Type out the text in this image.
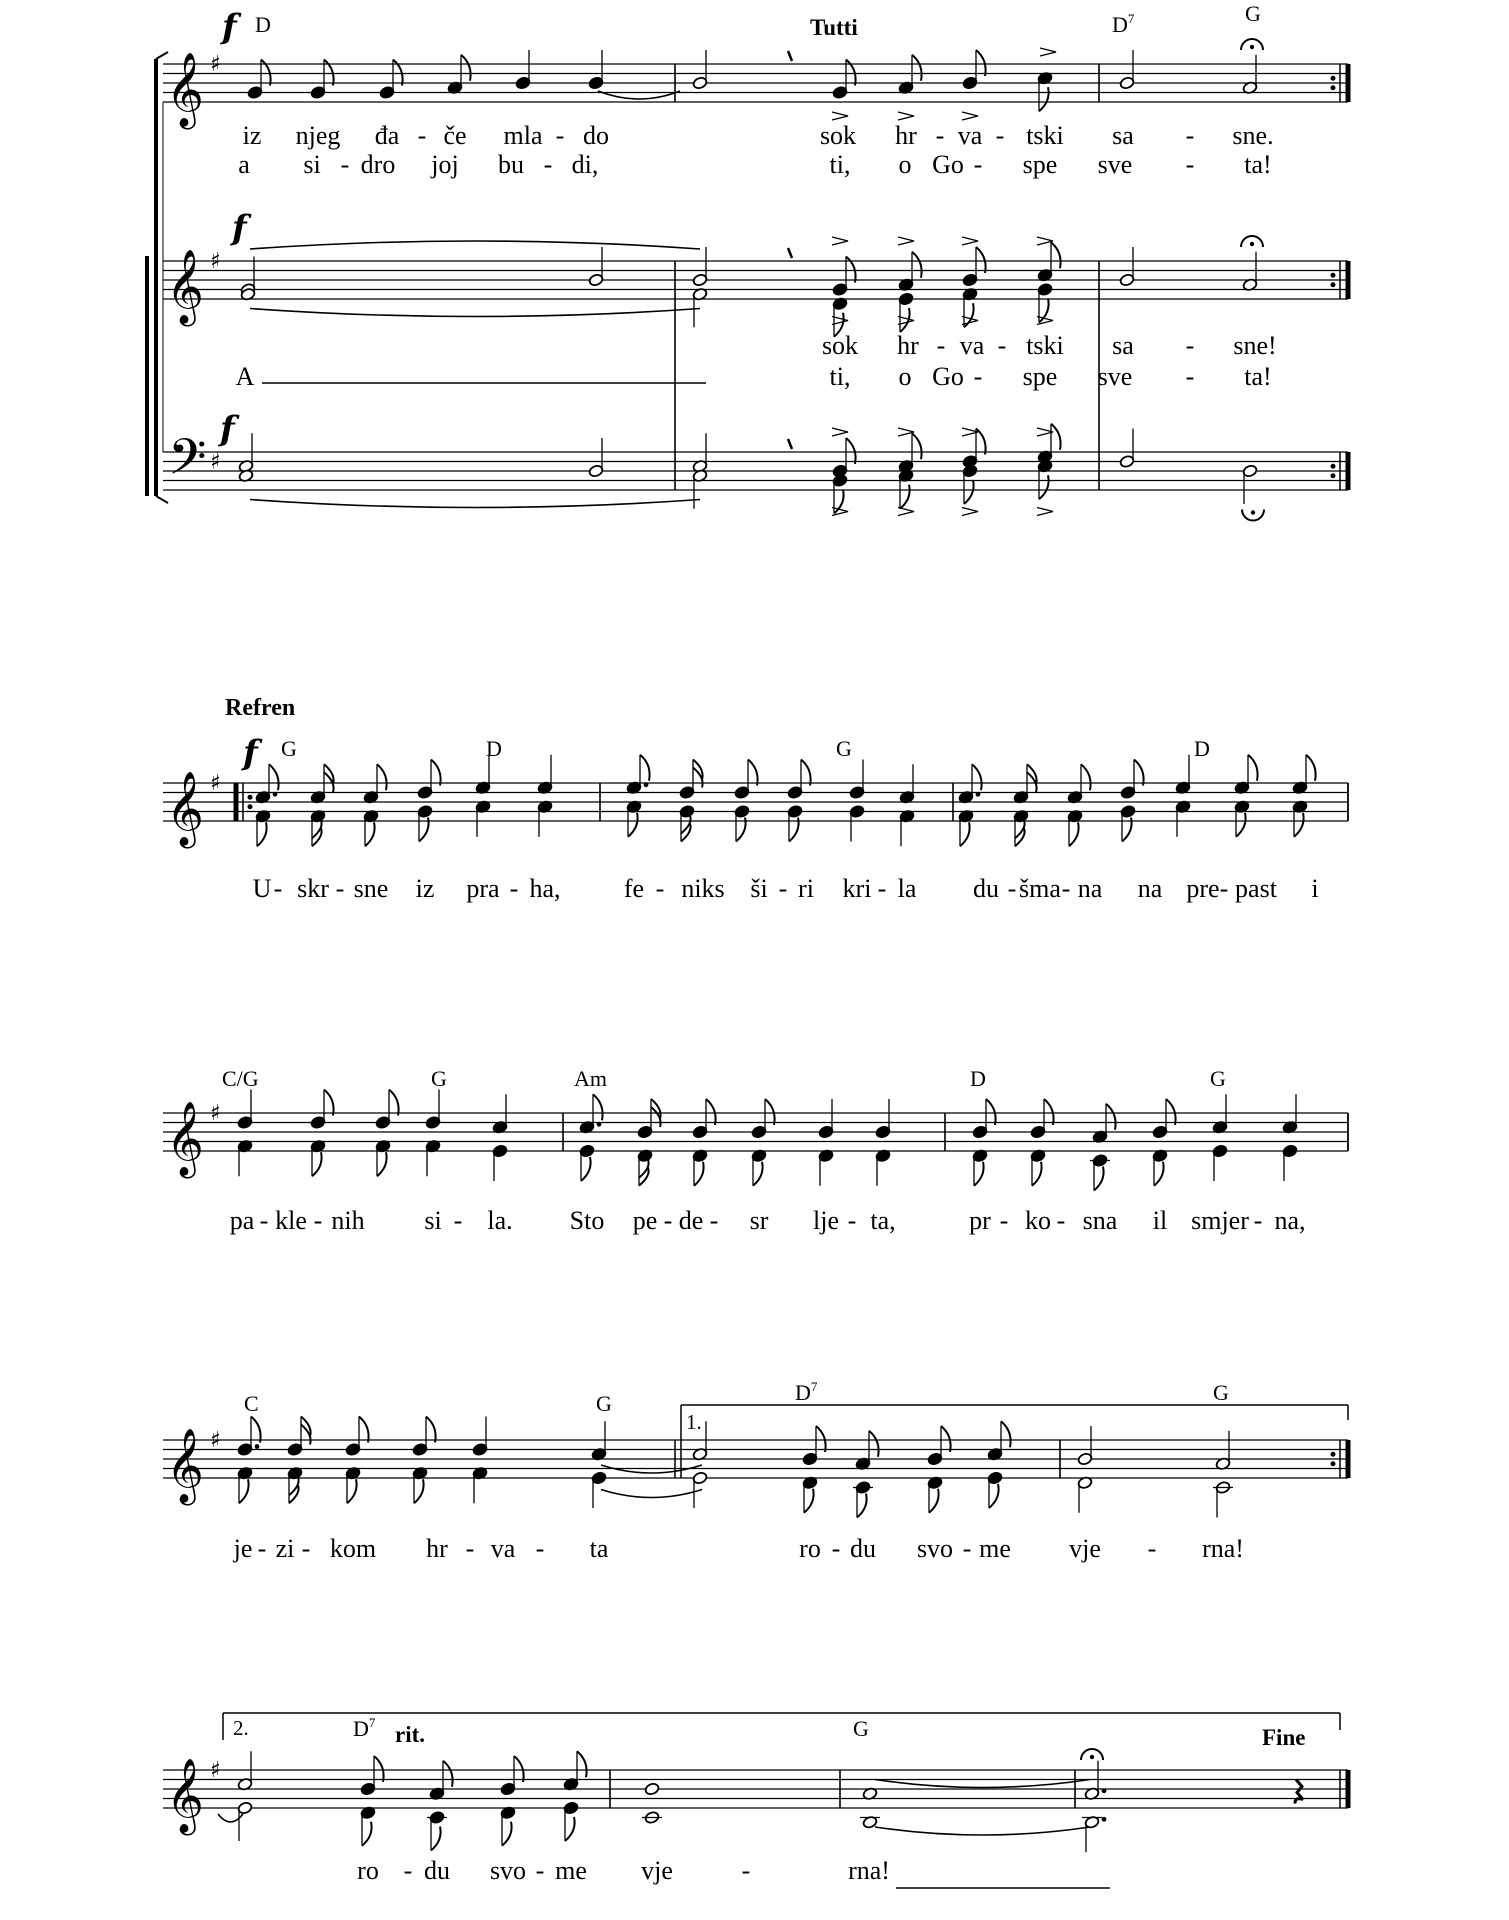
𝄞
𝄞
𝄢
♯
♯
♯
𝄞 ♯
𝄞 ♯
𝄞 ♯
𝄞 ♯
f D	Tutti	$D^7$	G
f
f
iz njeg đa - če mla - do	sok hr - va - tski sa - sne.
a si - dro joj bu - di,	ti, o Go - spe sve - ta!
sok hr - va - tski sa - sne!
A	ti, o Go - spe sve - ta!
Refren
f G	D	G	D
U - skr - sne iz pra - ha, fe - niks ši - ri kri - la du - šma - na na pre - past i
C/G	G	Am	D	G
pa - kle - nih si - la. Sto pe - de - sr lje - ta,	pr - ko - sna il smjer - na,
C	G	$D^7$	G
1.
je - zi - kom hr - va - ta	ro - du svo - me vje - rna!
2.	$D^7$ rit.	G	Fine
ro - du svo - me vje	-	rna!
